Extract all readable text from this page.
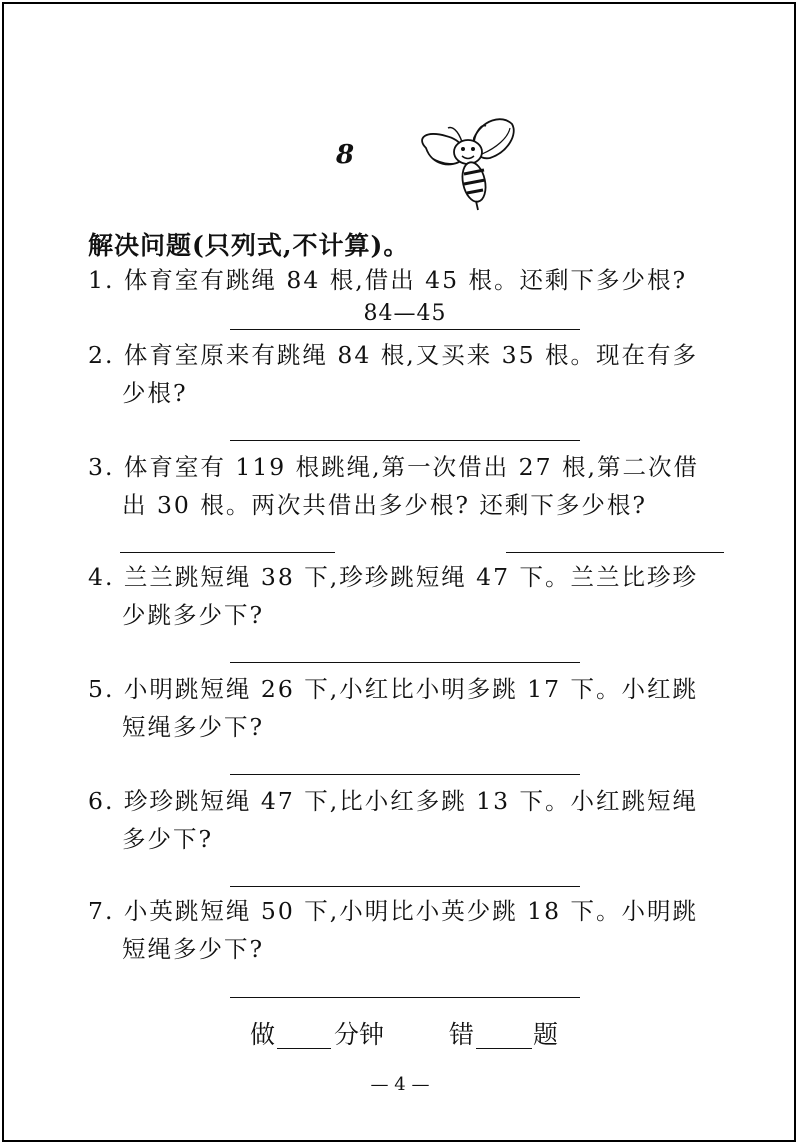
8
解决问题(只列式,不计算)。
1. 体育室有跳绳 84 根,借出 45 根。还剩下多少根?
84—45
2. 体育室原来有跳绳 84 根,又买来 35 根。现在有多
少根?
3. 体育室有 119 根跳绳,第一次借出 27 根,第二次借
出 30 根。两次共借出多少根? 还剩下多少根?
4. 兰兰跳短绳 38 下,珍珍跳短绳 47 下。兰兰比珍珍
少跳多少下?
5. 小明跳短绳 26 下,小红比小明多跳 17 下。小红跳
短绳多少下?
6. 珍珍跳短绳 47 下,比小红多跳 13 下。小红跳短绳
多少下?
7. 小英跳短绳 50 下,小明比小英少跳 18 下。小明跳
短绳多少下?
做 分钟	错 题
— 4 —
